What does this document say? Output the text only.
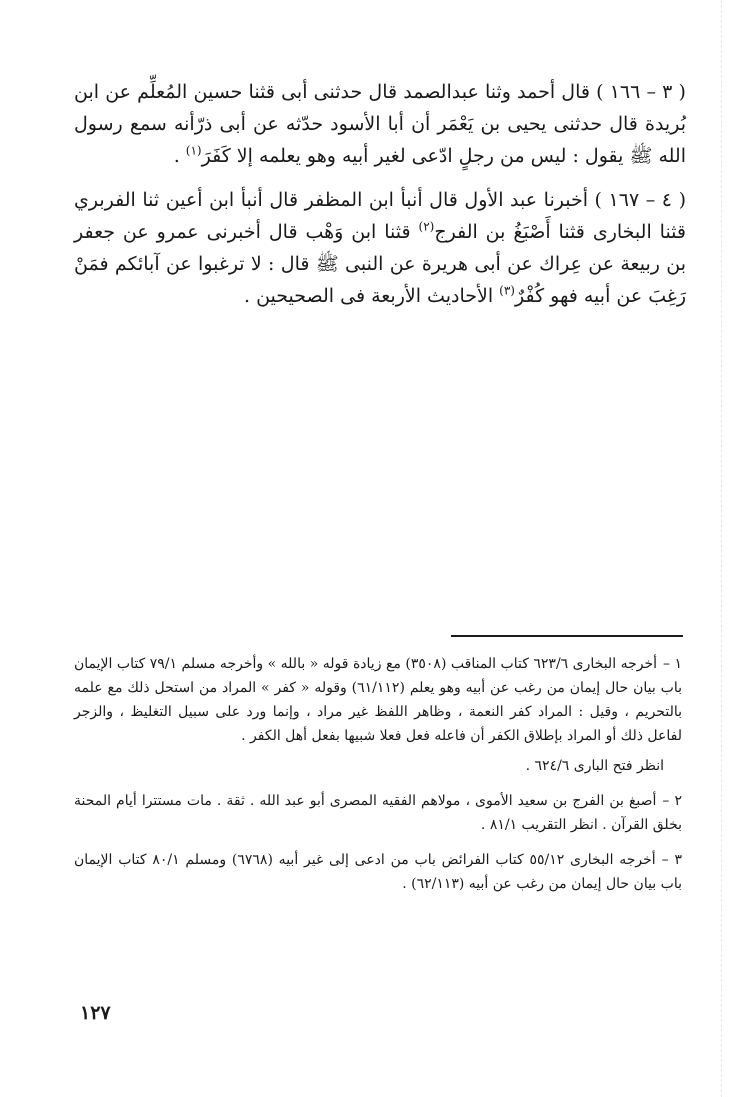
( ٣ – ١٦٦ ) قال أحمد وثنا عبدالصمد قال حدثنى أبى قثنا حسين المُعلِّم عن ابن بُريدة قال حدثنى يحيى بن يَعْمَر أن أبا الأسود حدّثه عن أبى ذرّأنه سمع رسول الله ﷺ يقول : ليس من رجلٍ ادّعى لغير أبيه وهو يعلمه إلا كَفَرَ$^{(١)}$ .

( ٤ – ١٦٧ ) أخبرنا عبد الأول قال أنبأ ابن المظفر قال أنبأ ابن أعين ثنا الفربري قثنا البخارى قثنا أَصْبَغُ بن الفرج$^{(٢)}$ قثنا ابن وَهْب قال أخبرنى عمرو عن جعفر بن ربيعة عن عِراك عن أبى هريرة عن النبى ﷺ قال : لا ترغبوا عن آبائكم فمَنْ رَغِبَ عن أبيه فهو كُفْرٌ$^{(٣)}$ الأحاديث الأربعة فى الصحيحين .

١ –أخرجه البخارى ٦٢٣/٦ كتاب المناقب (٣٥٠٨) مع زيادة قوله « بالله » وأخرجه مسلم ٧٩/١ كتاب الإيمان باب بيان حال إيمان من رغب عن أبيه وهو يعلم (٦١/١١٢) وقوله « كفر » المراد من استحل ذلك مع علمه بالتحريم ، وقيل : المراد كفر النعمة ، وظاهر اللفظ غير مراد ، وإنما ورد على سبيل التغليظ ، والزجر لفاعل ذلك أو المراد بإطلاق الكفر أن فاعله فعل فعلا شبيها بفعل أهل الكفر .
انظر فتح البارى ٦٢٤/٦ .

٢ –أصبغ بن الفرج بن سعيد الأموى ، مولاهم الفقيه المصرى أبو عبد الله . ثقة . مات مستترا أيام المحنة بخلق القرآن . انظر التقريب ٨١/١ .

٣ –أخرجه البخارى ٥٥/١٢ كتاب الفرائض باب من ادعى إلى غير أبيه (٦٧٦٨) ومسلم ٨٠/١ كتاب الإيمان باب بيان حال إيمان من رغب عن أبيه (٦٢/١١٣) .

١٢٧
